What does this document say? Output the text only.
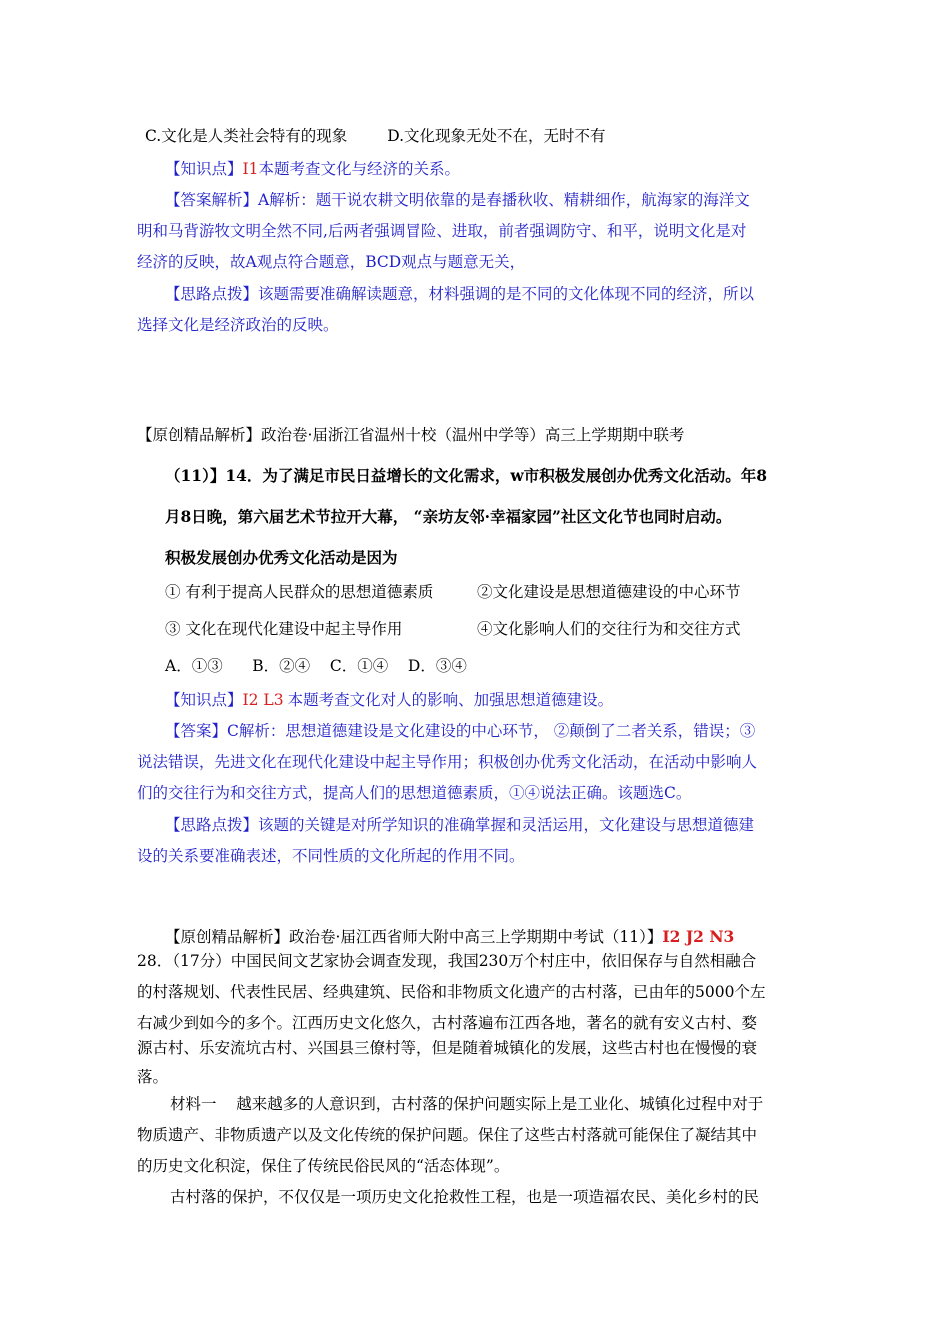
C.文化是人类社会特有的现象	D.文化现象无处不在，无时不有
【知识点】I1本题考查文化与经济的关系。
【答案解析】A解析：题干说农耕文明依靠的是春播秋收、精耕细作，航海家的海洋文
明和马背游牧文明全然不同,后两者强调冒险、进取，前者强调防守、和平，说明文化是对
经济的反映，故A观点符合题意，BCD观点与题意无关，
【思路点拨】该题需要准确解读题意，材料强调的是不同的文化体现不同的经济，所以
选择文化是经济政治的反映。
【原创精品解析】政治卷·届浙江省温州十校（温州中学等）高三上学期期中联考
（11）】14．为了满足市民日益增长的文化需求，w市积极发展创办优秀文化活动。年8
月8日晚，第六届艺术节拉开大幕， “亲坊友邻·幸福家园”社区文化节也同时启动。
积极发展创办优秀文化活动是因为
① 有利于提高人民群众的思想道德素质	②文化建设是思想道德建设的中心环节
③ 文化在现代化建设中起主导作用	④文化影响人们的交往行为和交往方式
A．①③      B．②④    C．①④    D．③④
【知识点】I2 L3 本题考查文化对人的影响、加强思想道德建设。
【答案】C解析：思想道德建设是文化建设的中心环节， ②颠倒了二者关系，错误；③
说法错误，先进文化在现代化建设中起主导作用；积极创办优秀文化活动，在活动中影响人
们的交往行为和交往方式，提高人们的思想道德素质，①④说法正确。该题选C。
【思路点拨】该题的关键是对所学知识的准确掌握和灵活运用，文化建设与思想道德建
设的关系要准确表述，不同性质的文化所起的作用不同。
【原创精品解析】政治卷·届江西省师大附中高三上学期期中考试（11）】I2 J2 N3
28．（17分）中国民间文艺家协会调查发现，我国230万个村庄中，依旧保存与自然相融合
的村落规划、代表性民居、经典建筑、民俗和非物质文化遗产的古村落，已由年的5000个左
右减少到如今的多个。江西历史文化悠久，古村落遍布江西各地，著名的就有安义古村、婺
源古村、乐安流坑古村、兴国县三僚村等，但是随着城镇化的发展，这些古村也在慢慢的衰
落。
材料一    越来越多的人意识到，古村落的保护问题实际上是工业化、城镇化过程中对于
物质遗产、非物质遗产以及文化传统的保护问题。保住了这些古村落就可能保住了凝结其中
的历史文化积淀，保住了传统民俗民风的“活态体现”。
古村落的保护，不仅仅是一项历史文化抢救性工程，也是一项造福农民、美化乡村的民
